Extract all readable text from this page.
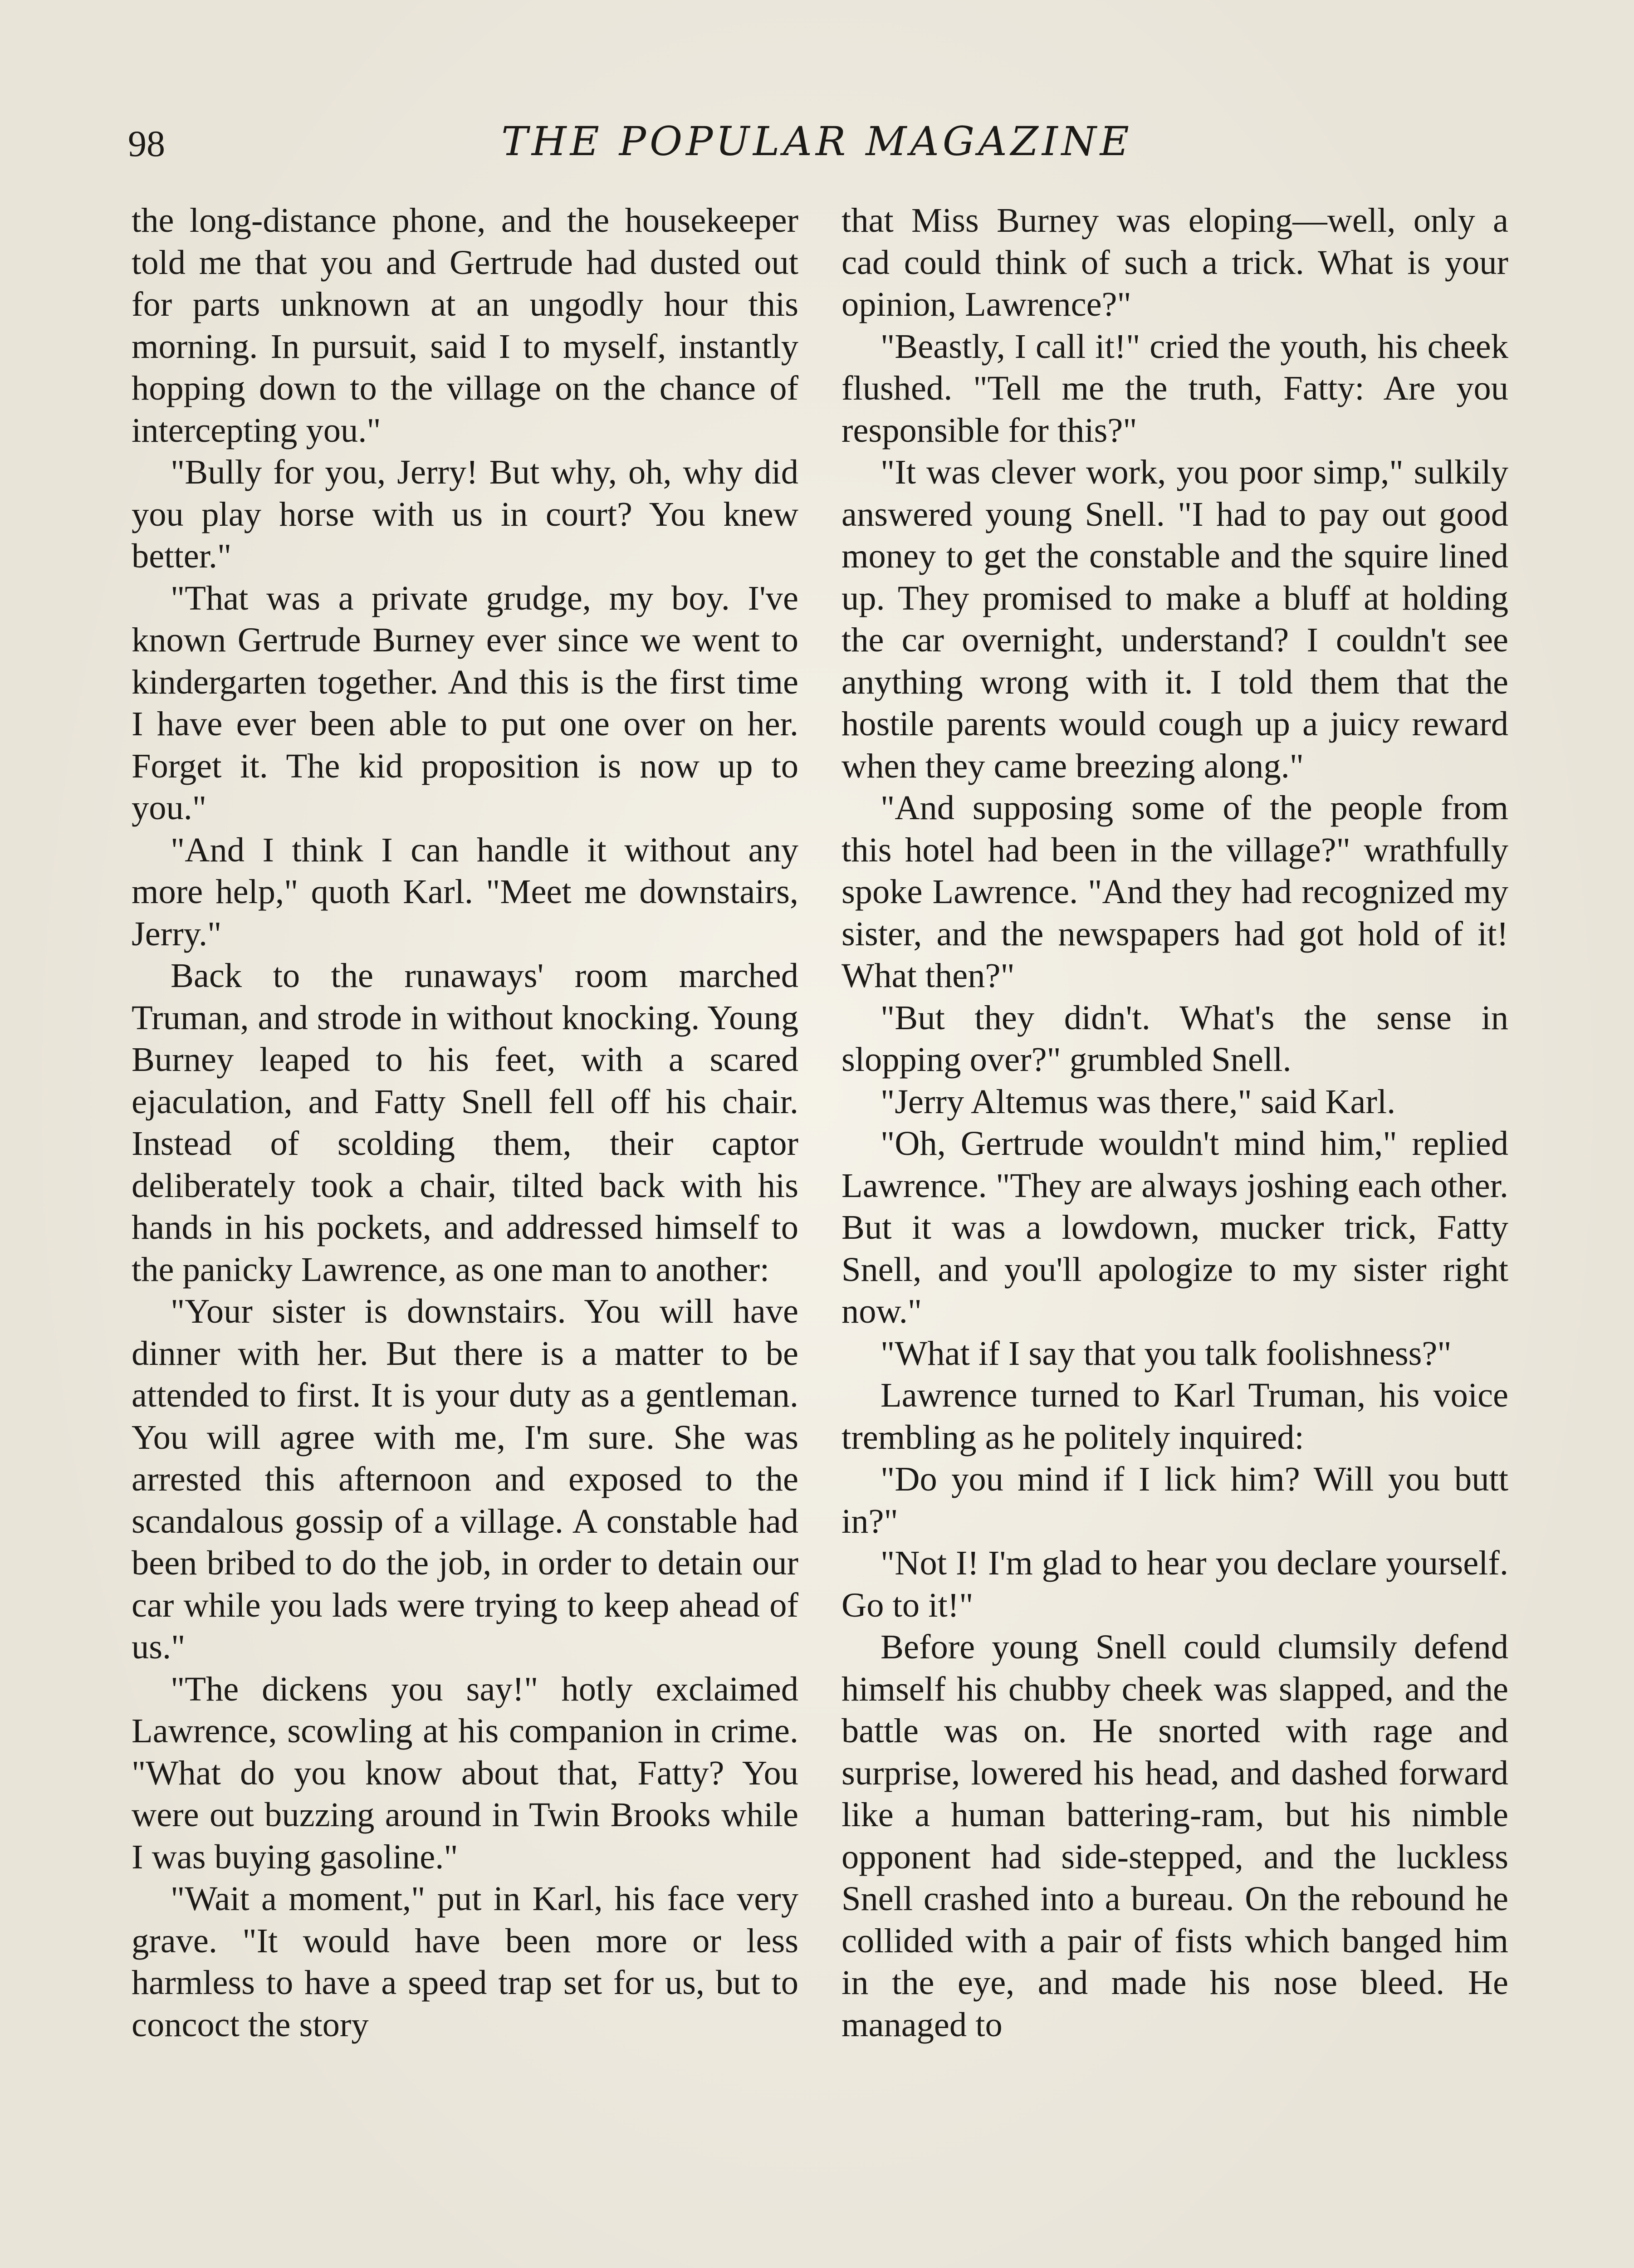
98	THE POPULAR MAGAZINE

the long-distance phone, and the housekeeper told me that you and Gertrude had dusted out for parts unknown at an ungodly hour this morning. In pursuit, said I to myself, instantly hopping down to the village on the chance of intercepting you."

"Bully for you, Jerry! But why, oh, why did you play horse with us in court? You knew better."

"That was a private grudge, my boy. I've known Gertrude Burney ever since we went to kindergarten together. And this is the first time I have ever been able to put one over on her. Forget it. The kid proposition is now up to you."

"And I think I can handle it without any more help," quoth Karl. "Meet me downstairs, Jerry."

Back to the runaways' room marched Truman, and strode in without knocking. Young Burney leaped to his feet, with a scared ejaculation, and Fatty Snell fell off his chair. Instead of scolding them, their captor deliberately took a chair, tilted back with his hands in his pockets, and addressed himself to the panicky Lawrence, as one man to another:

"Your sister is downstairs. You will have dinner with her. But there is a matter to be attended to first. It is your duty as a gentleman. You will agree with me, I'm sure. She was arrested this afternoon and exposed to the scandalous gossip of a village. A constable had been bribed to do the job, in order to detain our car while you lads were trying to keep ahead of us."

"The dickens you say!" hotly exclaimed Lawrence, scowling at his companion in crime. "What do you know about that, Fatty? You were out buzzing around in Twin Brooks while I was buying gasoline."

"Wait a moment," put in Karl, his face very grave. "It would have been more or less harmless to have a speed trap set for us, but to concoct the story

that Miss Burney was eloping—well, only a cad could think of such a trick. What is your opinion, Lawrence?"

"Beastly, I call it!" cried the youth, his cheek flushed. "Tell me the truth, Fatty: Are you responsible for this?"

"It was clever work, you poor simp," sulkily answered young Snell. "I had to pay out good money to get the constable and the squire lined up. They promised to make a bluff at holding the car overnight, understand? I couldn't see anything wrong with it. I told them that the hostile parents would cough up a juicy reward when they came breezing along."

"And supposing some of the people from this hotel had been in the village?" wrathfully spoke Lawrence. "And they had recognized my sister, and the newspapers had got hold of it! What then?"

"But they didn't. What's the sense in slopping over?" grumbled Snell.

"Jerry Altemus was there," said Karl.

"Oh, Gertrude wouldn't mind him," replied Lawrence. "They are always joshing each other. But it was a lowdown, mucker trick, Fatty Snell, and you'll apologize to my sister right now."

"What if I say that you talk foolishness?"

Lawrence turned to Karl Truman, his voice trembling as he politely inquired:

"Do you mind if I lick him? Will you butt in?"

"Not I! I'm glad to hear you declare yourself. Go to it!"

Before young Snell could clumsily defend himself his chubby cheek was slapped, and the battle was on. He snorted with rage and surprise, lowered his head, and dashed forward like a human battering-ram, but his nimble opponent had side-stepped, and the luckless Snell crashed into a bureau. On the rebound he collided with a pair of fists which banged him in the eye, and made his nose bleed. He managed to
